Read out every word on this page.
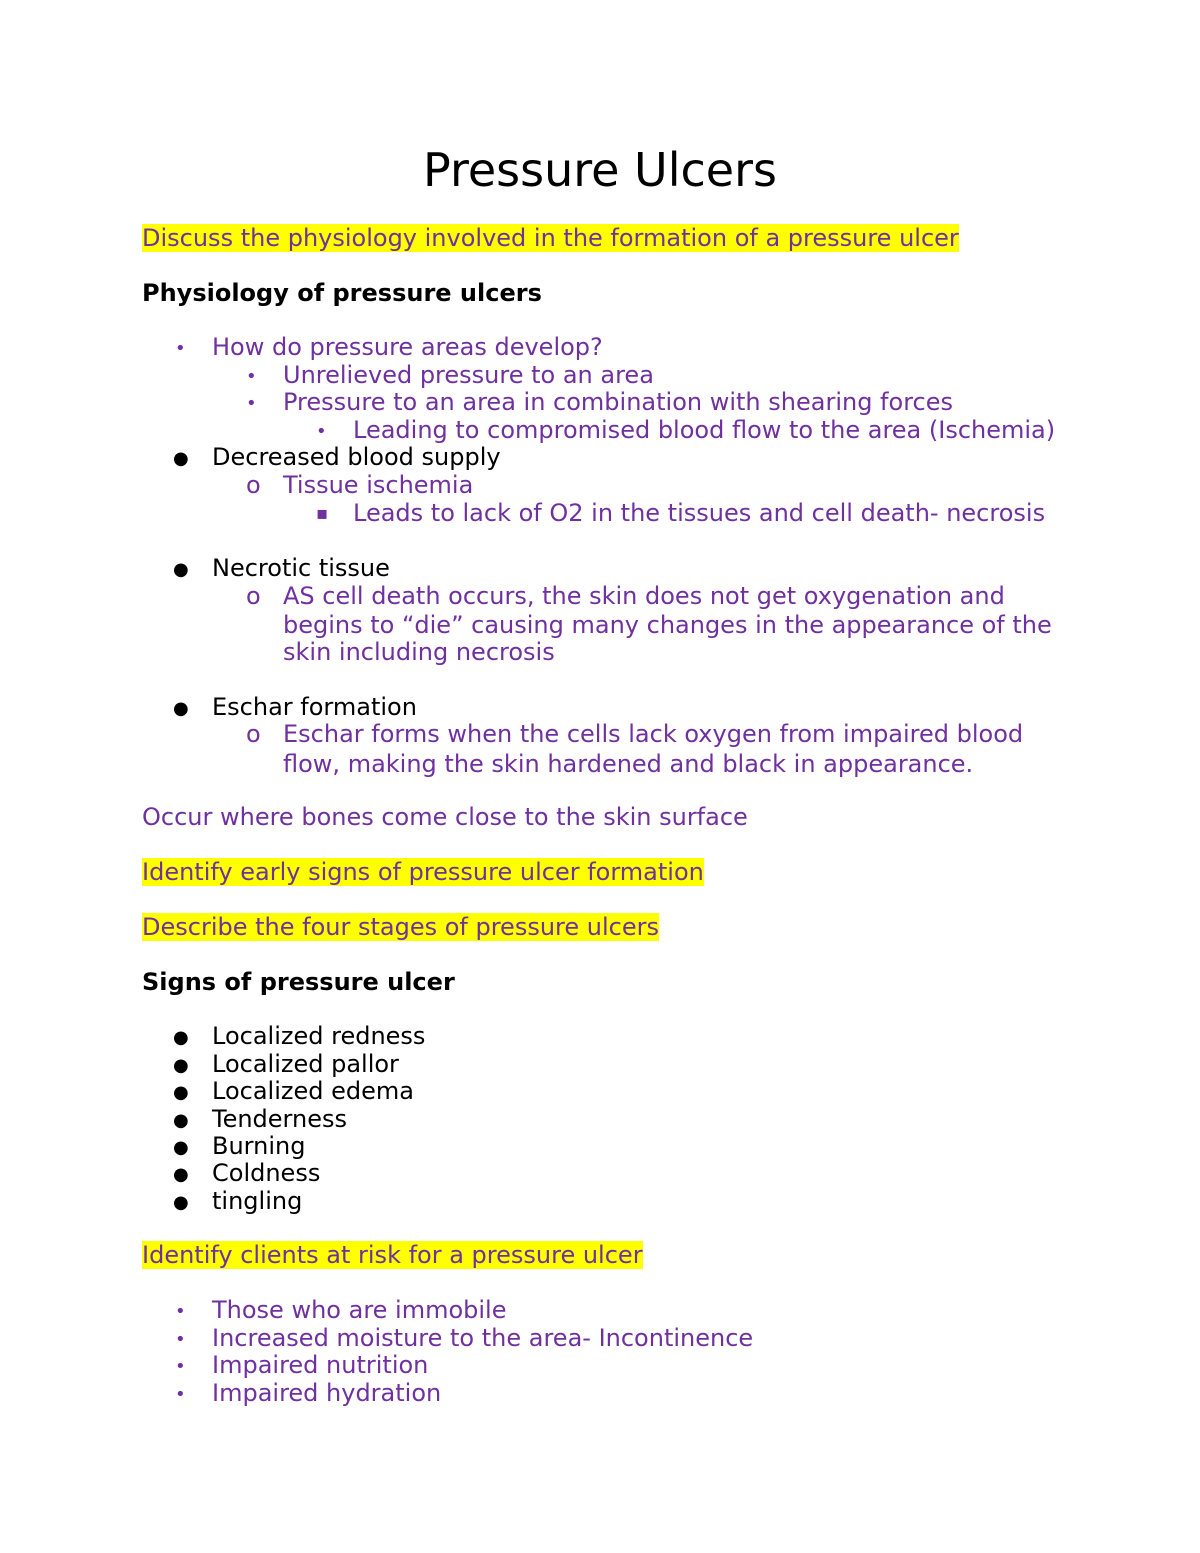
Pressure Ulcers
Discuss the physiology involved in the formation of a pressure ulcer
Physiology of pressure ulcers
• How do pressure areas develop?
• Unrelieved pressure to an area
• Pressure to an area in combination with shearing forces
• Leading to compromised blood flow to the area (Ischemia)
● Decreased blood supply
o Tissue ischemia
▪ Leads to lack of O2 in the tissues and cell death- necrosis
● Necrotic tissue
o AS cell death occurs, the skin does not get oxygenation and
begins to “die” causing many changes in the appearance of the
skin including necrosis
● Eschar formation
o Eschar forms when the cells lack oxygen from impaired blood
flow, making the skin hardened and black in appearance.
Occur where bones come close to the skin surface
Identify early signs of pressure ulcer formation
Describe the four stages of pressure ulcers
Signs of pressure ulcer
● Localized redness
● Localized pallor
● Localized edema
● Tenderness
● Burning
● Coldness
● tingling
Identify clients at risk for a pressure ulcer
• Those who are immobile
• Increased moisture to the area- Incontinence
• Impaired nutrition
• Impaired hydration
